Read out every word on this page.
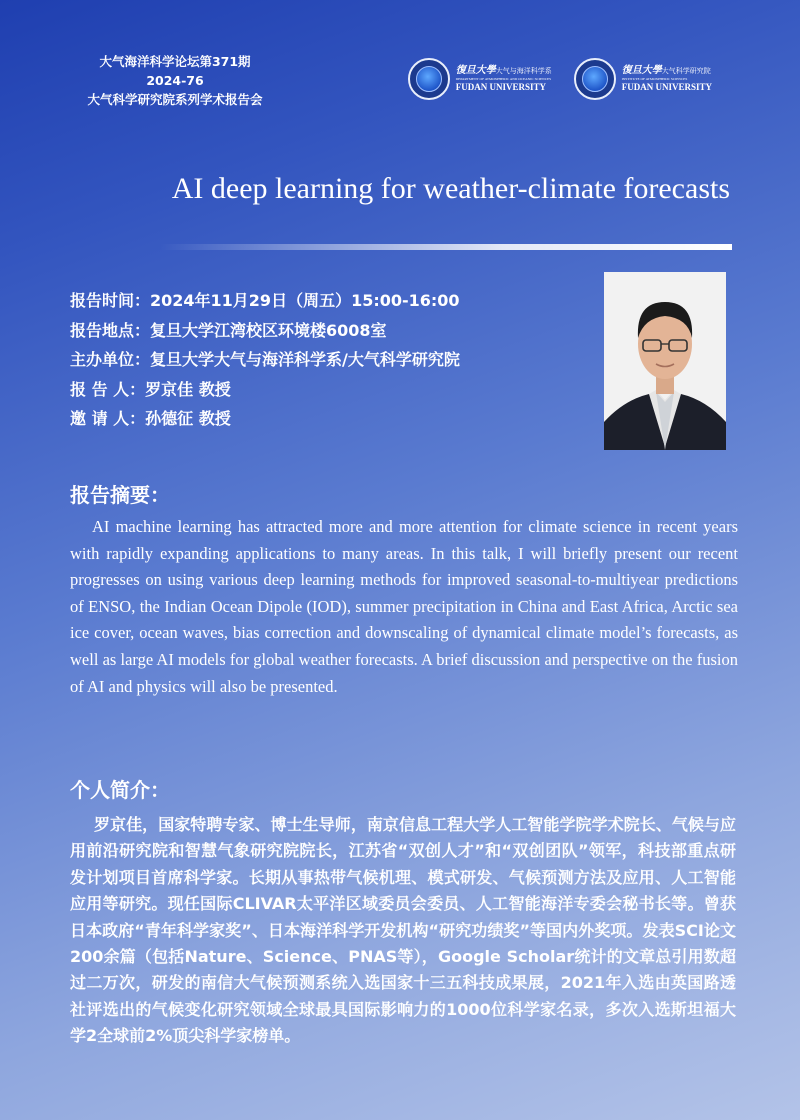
大气海洋科学论坛第371期
2024-76
大气科学研究院系列学术报告会
復旦大學大气与海洋科学系
DEPARTMENT OF ATMOSPHERIC AND OCEANIC SCIENCES
FUDAN UNIVERSITY
復旦大學大气科学研究院
INSTITUTE OF ATMOSPHERIC SCIENCES
FUDAN UNIVERSITY
AI deep learning for weather-climate forecasts
报告时间：2024年11月29日（周五）15:00-16:00
报告地点：复旦大学江湾校区环境楼6008室
主办单位：复旦大学大气与海洋科学系/大气科学研究院
报 告 人：罗京佳 教授
邀 请 人：孙德征 教授
报告摘要：
AI machine learning has attracted more and more attention for climate science in recent years with rapidly expanding applications to many areas. In this talk, I will briefly present our recent progresses on using various deep learning methods for improved seasonal-to-multiyear predictions of ENSO, the Indian Ocean Dipole (IOD), summer precipitation in China and East Africa, Arctic sea ice cover, ocean waves, bias correction and downscaling of dynamical climate model’s forecasts, as well as large AI models for global weather forecasts. A brief discussion and perspective on the fusion of AI and physics will also be presented.
个人简介：
罗京佳，国家特聘专家、博士生导师，南京信息工程大学人工智能学院学术院长、气候与应用前沿研究院和智慧气象研究院院长，江苏省“双创人才”和“双创团队”领军，科技部重点研发计划项目首席科学家。长期从事热带气候机理、模式研发、气候预测方法及应用、人工智能应用等研究。现任国际CLIVAR太平洋区域委员会委员、人工智能海洋专委会秘书长等。曾获日本政府“青年科学家奖”、日本海洋科学开发机构“研究功绩奖”等国内外奖项。发表SCI论文200余篇（包括Nature、Science、PNAS等），Google Scholar统计的文章总引用数超过二万次，研发的南信大气候预测系统入选国家十三五科技成果展，2021年入选由英国路透社评选出的气候变化研究领域全球最具国际影响力的1000位科学家名录，多次入选斯坦福大学2全球前2%顶尖科学家榜单。
